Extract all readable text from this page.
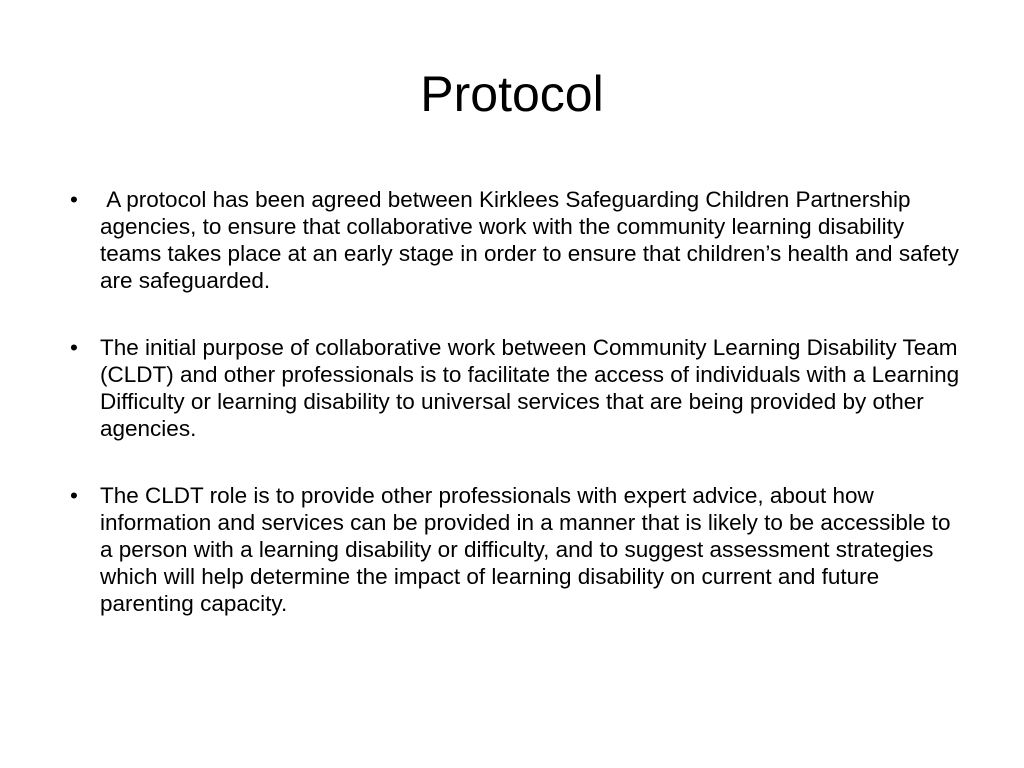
Protocol
• A protocol has been agreed between Kirklees Safeguarding Children Partnership agencies, to ensure that collaborative work with the community learning disability teams takes place at an early stage in order to ensure that children’s health and safety are safeguarded.
• The initial purpose of collaborative work between Community Learning Disability Team (CLDT) and other professionals is to facilitate the access of individuals with a Learning Difficulty or learning disability to universal services that are being provided by other agencies.
• The CLDT role is to provide other professionals with expert advice, about how information and services can be provided in a manner that is likely to be accessible to a person with a learning disability or difficulty, and to suggest assessment strategies which will help determine the impact of learning disability on current and future parenting capacity.
